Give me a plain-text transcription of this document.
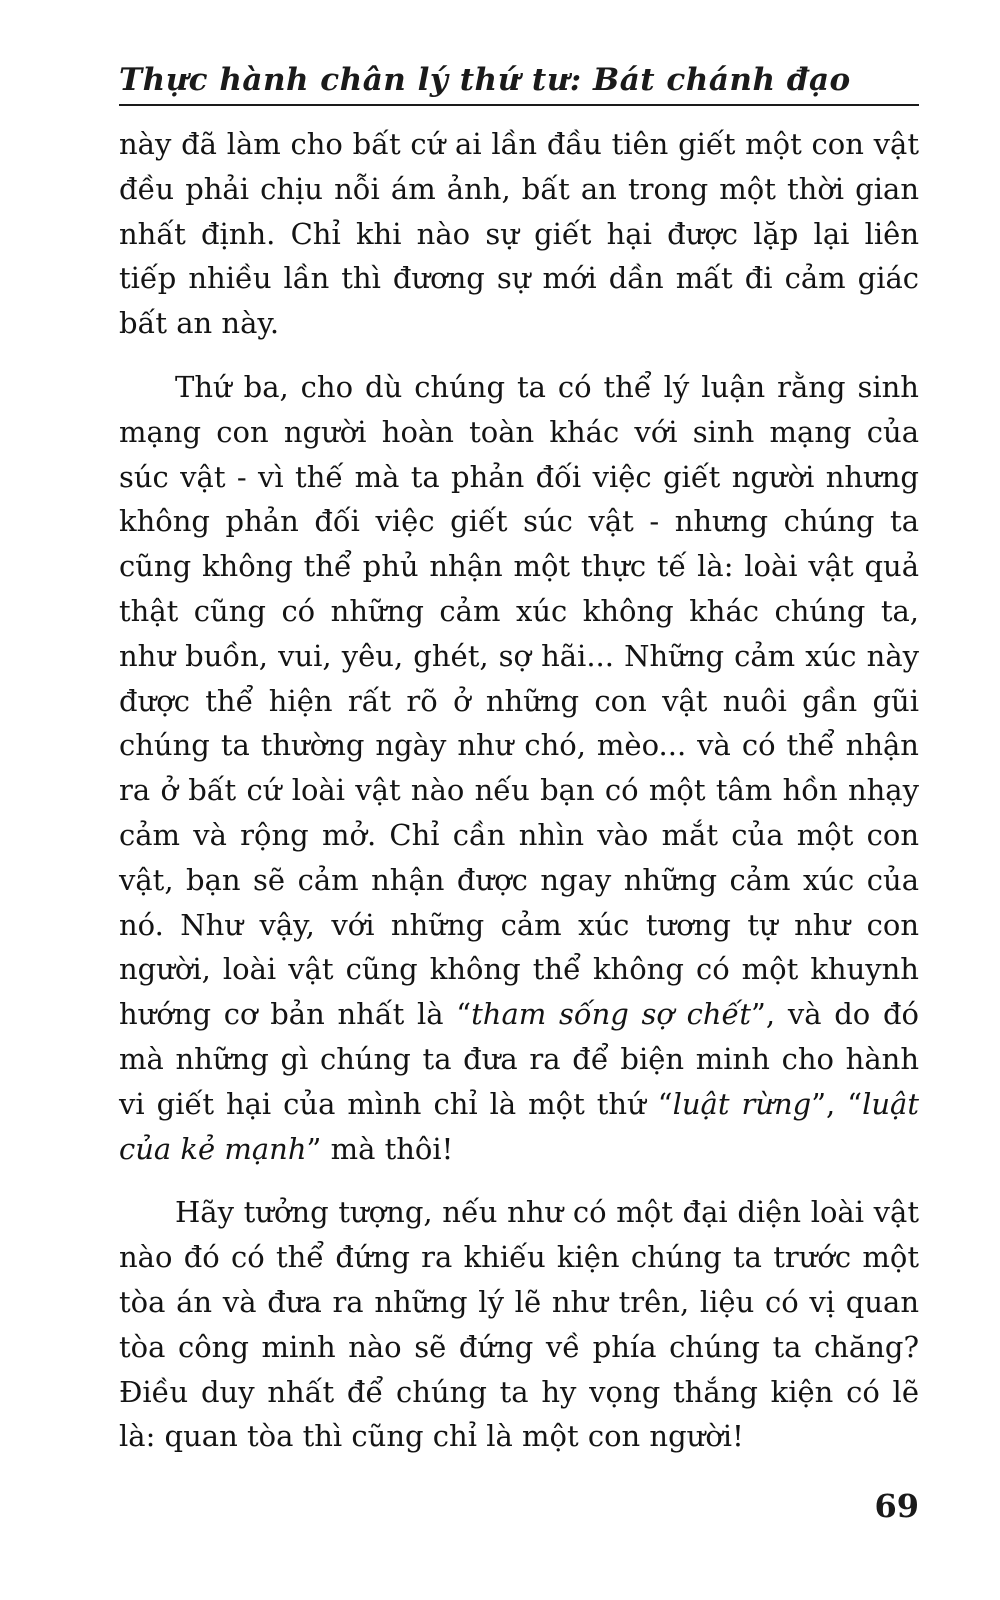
Thực hành chân lý thứ tư: Bát chánh đạo

này đã làm cho bất cứ ai lần đầu tiên giết một con vật đều phải chịu nỗi ám ảnh, bất an trong một thời gian nhất định. Chỉ khi nào sự giết hại được lặp lại liên tiếp nhiều lần thì đương sự mới dần mất đi cảm giác bất an này.

Thứ ba, cho dù chúng ta có thể lý luận rằng sinh mạng con người hoàn toàn khác với sinh mạng của súc vật - vì thế mà ta phản đối việc giết người nhưng không phản đối việc giết súc vật - nhưng chúng ta cũng không thể phủ nhận một thực tế là: loài vật quả thật cũng có những cảm xúc không khác chúng ta, như buồn, vui, yêu, ghét, sợ hãi... Những cảm xúc này được thể hiện rất rõ ở những con vật nuôi gần gũi chúng ta thường ngày như chó, mèo... và có thể nhận ra ở bất cứ loài vật nào nếu bạn có một tâm hồn nhạy cảm và rộng mở. Chỉ cần nhìn vào mắt của một con vật, bạn sẽ cảm nhận được ngay những cảm xúc của nó. Như vậy, với những cảm xúc tương tự như con người, loài vật cũng không thể không có một khuynh hướng cơ bản nhất là “tham sống sợ chết”, và do đó mà những gì chúng ta đưa ra để biện minh cho hành vi giết hại của mình chỉ là một thứ “luật rừng”, “luật của kẻ mạnh” mà thôi!

Hãy tưởng tượng, nếu như có một đại diện loài vật nào đó có thể đứng ra khiếu kiện chúng ta trước một tòa án và đưa ra những lý lẽ như trên, liệu có vị quan tòa công minh nào sẽ đứng về phía chúng ta chăng? Điều duy nhất để chúng ta hy vọng thắng kiện có lẽ là: quan tòa thì cũng chỉ là một con người!

69
